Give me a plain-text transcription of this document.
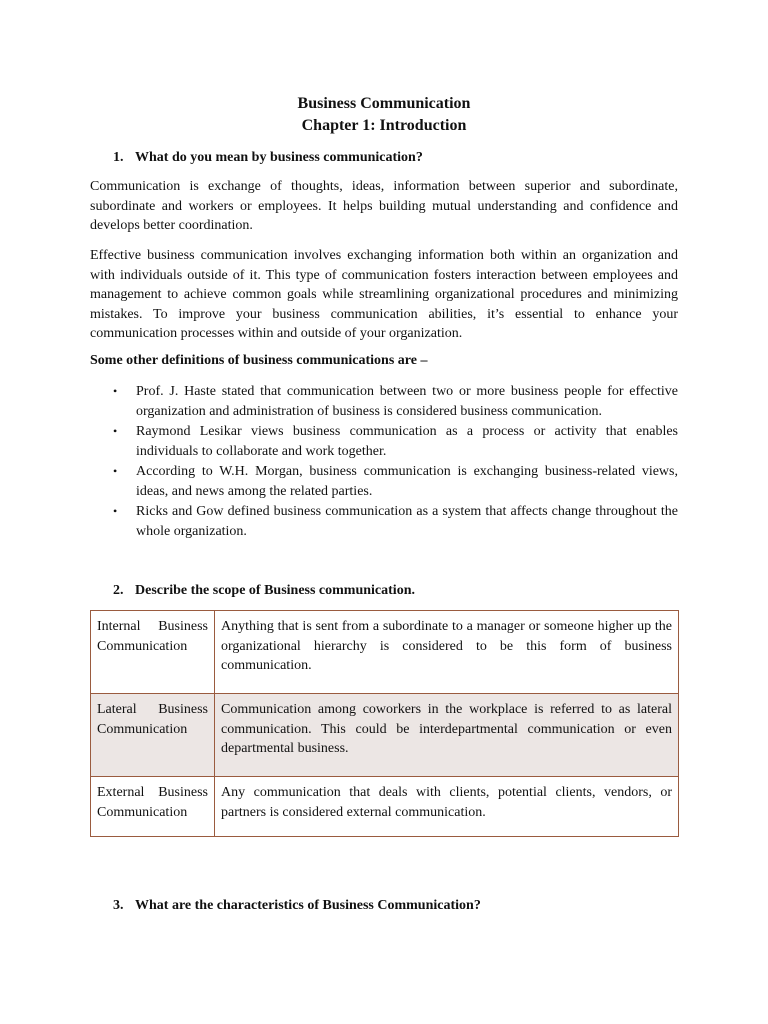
Business Communication
Chapter 1: Introduction
1. What do you mean by business communication?

Communication is exchange of thoughts, ideas, information between superior and subordinate, subordinate and workers or employees. It helps building mutual understanding and confidence and develops better coordination.

Effective business communication involves exchanging information both within an organization and with individuals outside of it. This type of communication fosters interaction between employees and management to achieve common goals while streamlining organizational procedures and minimizing mistakes. To improve your business communication abilities, it’s essential to enhance your communication processes within and outside of your organization.

Some other definitions of business communications are –
• Prof. J. Haste stated that communication between two or more business people for effective organization and administration of business is considered business communication.
• Raymond Lesikar views business communication as a process or activity that enables individuals to collaborate and work together.
• According to W.H. Morgan, business communication is exchanging business-related views, ideas, and news among the related parties.
• Ricks and Gow defined business communication as a system that affects change throughout the whole organization.
2. Describe the scope of Business communication.
Internal Business Communication	Anything that is sent from a subordinate to a manager or someone higher up the organizational hierarchy is considered to be this form of business communication.
Lateral Business Communication	Communication among coworkers in the workplace is referred to as lateral communication. This could be interdepartmental communication or even departmental business.
External Business Communication	Any communication that deals with clients, potential clients, vendors, or partners is considered external communication.
3. What are the characteristics of Business Communication?
